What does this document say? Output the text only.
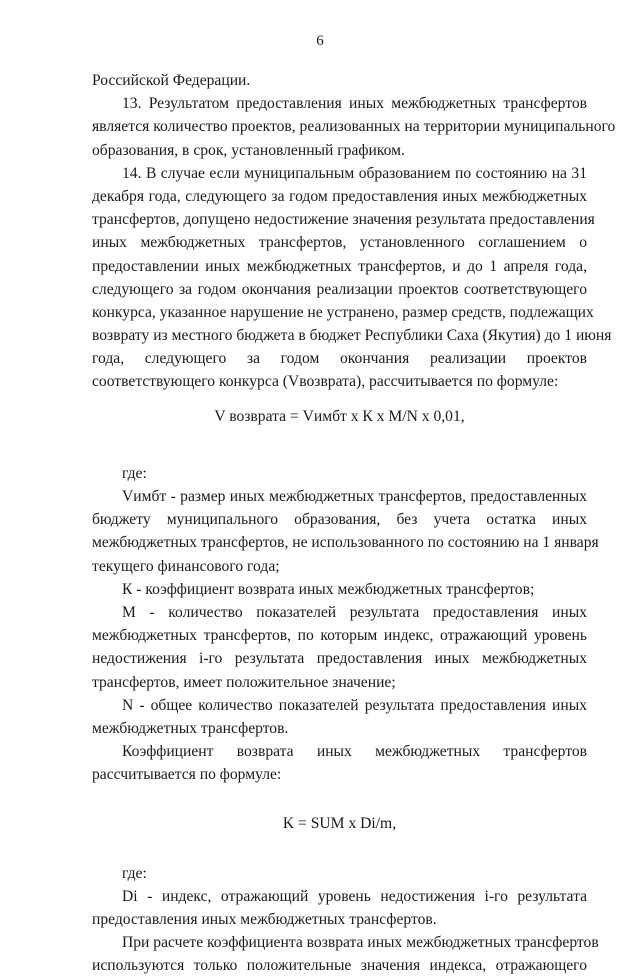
6
Российской Федерации.
13. Результатом предоставления иных межбюджетных трансфертов
является количество проектов, реализованных на территории муниципального
образования, в срок, установленный графиком.
14. В случае если муниципальным образованием по состоянию на 31
декабря года, следующего за годом предоставления иных межбюджетных
трансфертов, допущено недостижение значения результата предоставления
иных межбюджетных трансфертов, установленного соглашением о
предоставлении иных межбюджетных трансфертов, и до 1 апреля года,
следующего за годом окончания реализации проектов соответствующего
конкурса, указанное нарушение не устранено, размер средств, подлежащих
возврату из местного бюджета в бюджет Республики Саха (Якутия) до 1 июня
года, следующего за годом окончания реализации проектов
соответствующего конкурса (Vвозврата), рассчитывается по формуле:
V возврата = Vимбт х К х M/N х 0,01,
где:
Vимбт - размер иных межбюджетных трансфертов, предоставленных
бюджету муниципального образования, без учета остатка иных
межбюджетных трансфертов, не использованного по состоянию на 1 января
текущего финансового года;
К - коэффициент возврата иных межбюджетных трансфертов;
М - количество показателей результата предоставления иных
межбюджетных трансфертов, по которым индекс, отражающий уровень
недостижения i-го результата предоставления иных межбюджетных
трансфертов, имеет положительное значение;
N - общее количество показателей результата предоставления иных
межбюджетных трансфертов.
Коэффициент возврата иных межбюджетных трансфертов
рассчитывается по формуле:
K = SUM х Di/m,
где:
Di - индекс, отражающий уровень недостижения i-го результата
предоставления иных межбюджетных трансфертов.
При расчете коэффициента возврата иных межбюджетных трансфертов
используются только положительные значения индекса, отражающего
